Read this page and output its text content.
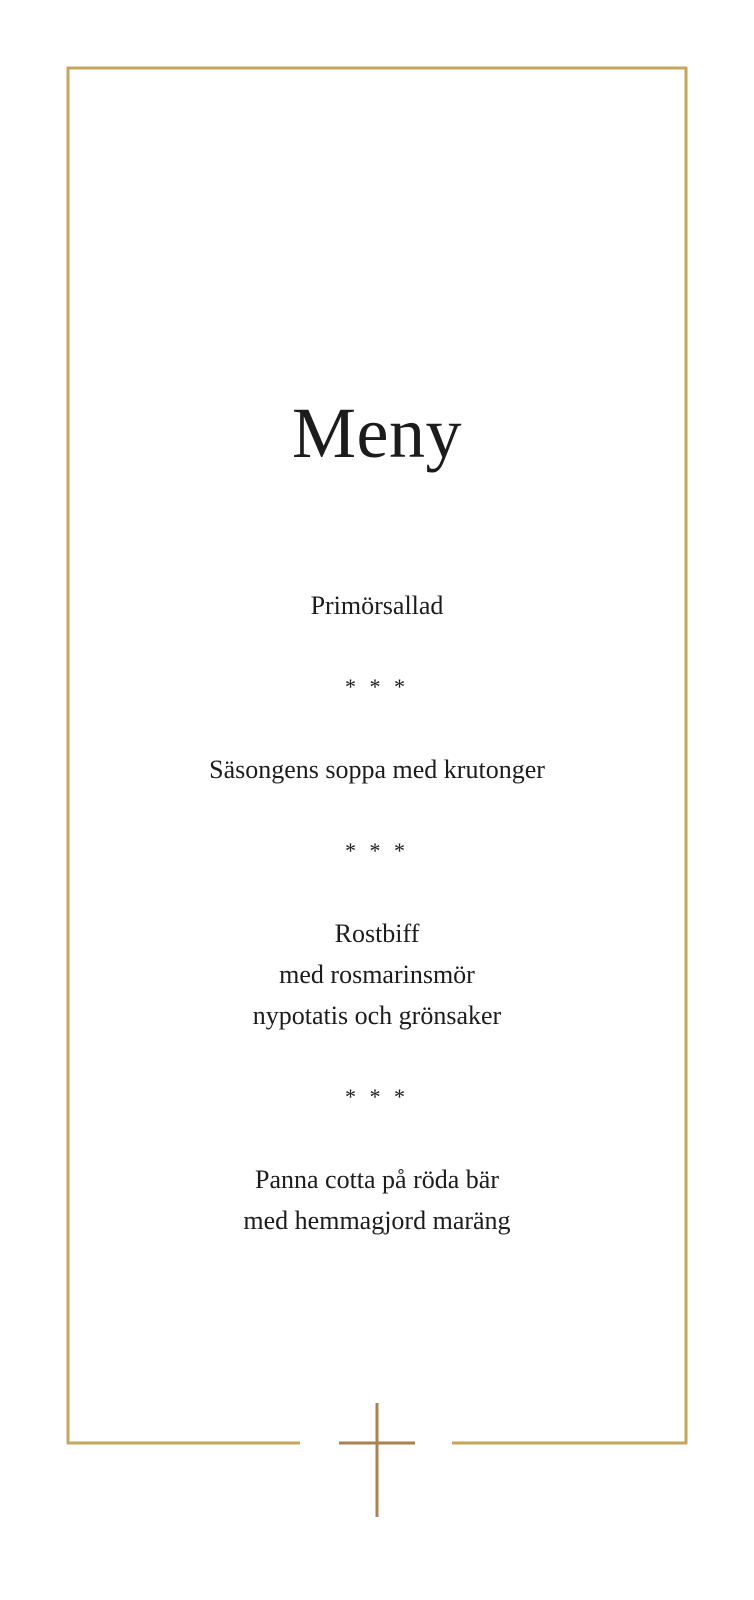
Meny
Primörsallad
* * *
Säsongens soppa med krutonger
* * *
Rostbiff
med rosmarinsmör
nypotatis och grönsaker
* * *
Panna cotta på röda bär
med hemmagjord maräng
